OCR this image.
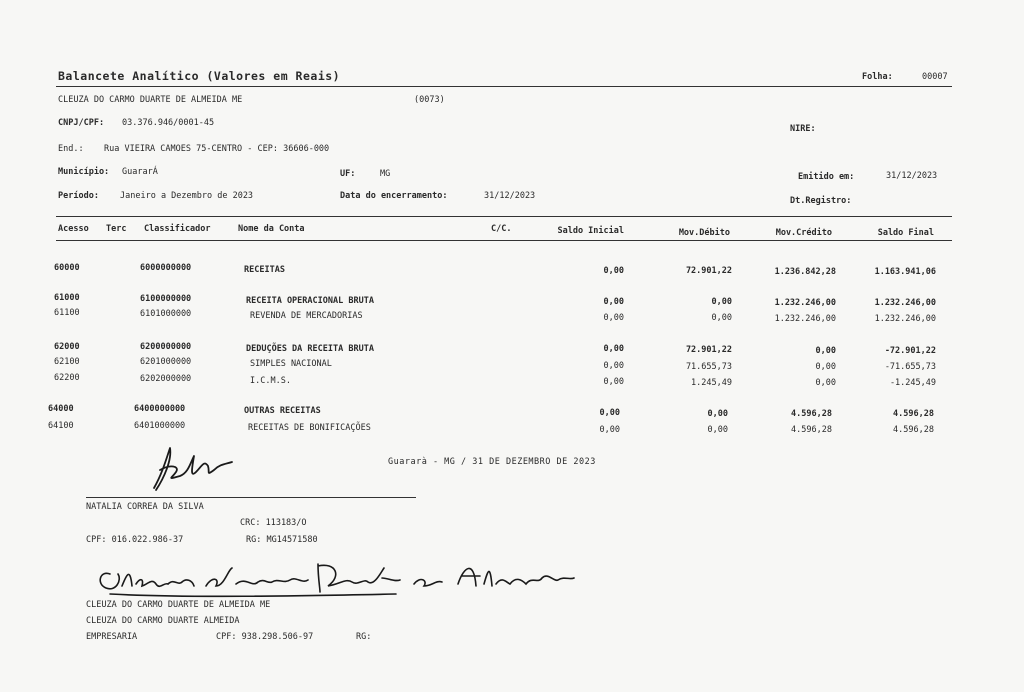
Balancete Analítico (Valores em Reais)	Folha:	00007
CLEUZA DO CARMO DUARTE DE ALMEIDA ME	(0073)
CNPJ/CPF: 03.376.946/0001-45
NIRE:
End.: Rua VIEIRA CAMOES 75-CENTRO - CEP: 36606-000
Município: GuararÁ	UF:	MG	Emitido em:	31/12/2023
Período: Janeiro a Dezembro de 2023	Data do encerramento:	31/12/2023	Dt.Registro:
Acesso Terc Classificador	Nome da Conta	C/C.	Saldo Inicial	Mov.Débito	Mov.Crédito	Saldo Final
60000	6000000000	RECEITAS	0,00	72.901,22	1.236.842,28	1.163.941,06
61000	6100000000	RECEITA OPERACIONAL BRUTA	0,00	0,00	1.232.246,00	1.232.246,00
61100	6101000000	REVENDA DE MERCADORIAS	0,00	0,00	1.232.246,00	1.232.246,00
62000	6200000000	DEDUÇÕES DA RECEITA BRUTA	0,00	72.901,22	0,00	-72.901,22
62100	6201000000	SIMPLES NACIONAL	0,00	71.655,73	0,00	-71.655,73
62200	6202000000	I.C.M.S.	0,00	1.245,49	0,00	-1.245,49
64000	6400000000	OUTRAS RECEITAS	0,00	0,00	4.596,28	4.596,28
64100	6401000000	RECEITAS DE BONIFICAÇÕES	0,00	0,00	4.596,28	4.596,28
Guararà - MG / 31 DE DEZEMBRO DE 2023
NATALIA CORREA DA SILVA
CRC: 113183/O
CPF: 016.022.986-37	RG: MG14571580
CLEUZA DO CARMO DUARTE DE ALMEIDA ME
CLEUZA DO CARMO DUARTE ALMEIDA
EMPRESARIA	CPF: 938.298.506-97	RG:
